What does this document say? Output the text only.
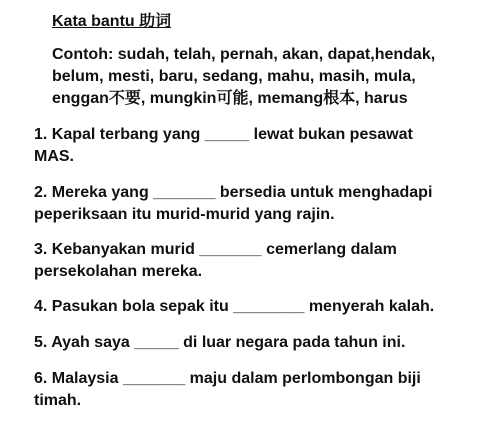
Kata bantu 助词
Contoh: sudah, telah, pernah, akan, dapat,hendak,
belum, mesti, baru, sedang, mahu, masih, mula,
enggan不要, mungkin可能, memang根本, harus
1. Kapal terbang yang _____ lewat bukan pesawat
MAS.
2. Mereka yang _______ bersedia untuk menghadapi
peperiksaan itu murid-murid yang rajin.
3. Kebanyakan murid _______ cemerlang dalam
persekolahan mereka.
4. Pasukan bola sepak itu ________ menyerah kalah.
5. Ayah saya _____ di luar negara pada tahun ini.
6. Malaysia _______ maju dalam perlombongan biji
timah.
